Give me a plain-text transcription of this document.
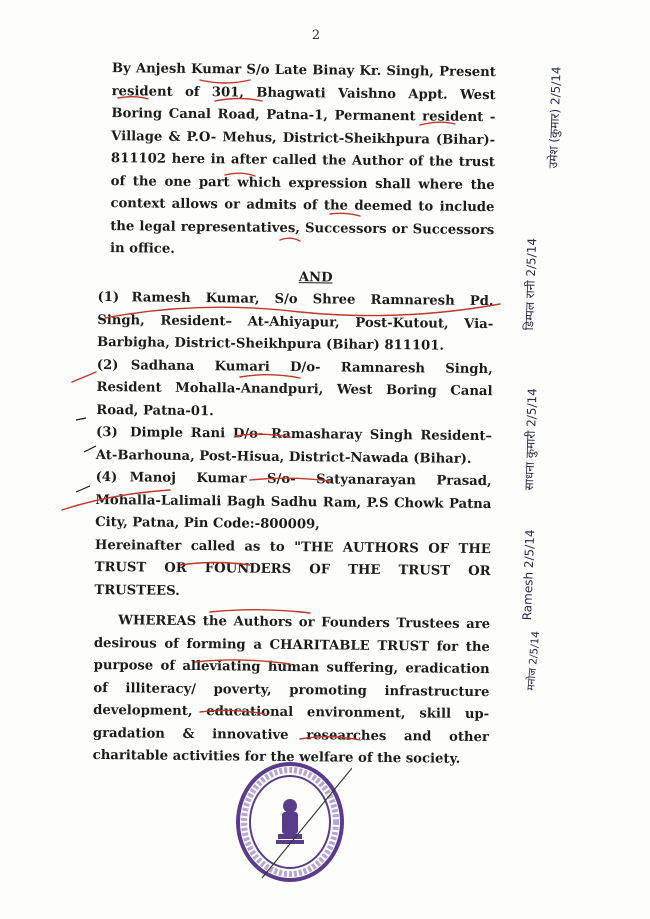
2

By Anjesh Kumar S/o Late Binay Kr. Singh, Present resident of 301, Bhagwati Vaishno Appt. West Boring Canal Road, Patna-1, Permanent resident -Village & P.O- Mehus, District-Sheikhpura (Bihar)- 811102 here in after called the Author of the trust of the one part which expression shall where the context allows or admits of the deemed to include the legal representatives, Successors or Successors in office.

AND

(1) Ramesh Kumar, S/o Shree Ramnaresh Pd. Singh, Resident– At-Ahiyapur, Post-Kutout, Via- Barbigha, District-Sheikhpura (Bihar) 811101.

(2) Sadhana Kumari D/o- Ramnaresh Singh, Resident Mohalla-Anandpuri, West Boring Canal Road, Patna-01.

(3) Dimple Rani D/o- Ramasharay Singh Resident– At-Barhouna, Post-Hisua, District-Nawada (Bihar).

(4) Manoj Kumar S/o- Satyanarayan Prasad, Mohalla-Lalimali Bagh Sadhu Ram, P.S Chowk Patna City, Patna, Pin Code:-800009,

Hereinafter called as to "THE AUTHORS OF THE TRUST OR FOUNDERS OF THE TRUST OR TRUSTEES.

WHEREAS the Authors or Founders Trustees are desirous of forming a CHARITABLE TRUST for the purpose of alleviating human suffering, eradication of illiteracy/ poverty, promoting infrastructure development, educational environment, skill up-gradation & innovative researches and other charitable activities for the welfare of the society.

उमेश (कुमार) 2/5/14
डिम्पल रानी 2/5/14
साधना कुमारी 2/5/14
Ramesh 2/5/14
मनोज 2/5/14
